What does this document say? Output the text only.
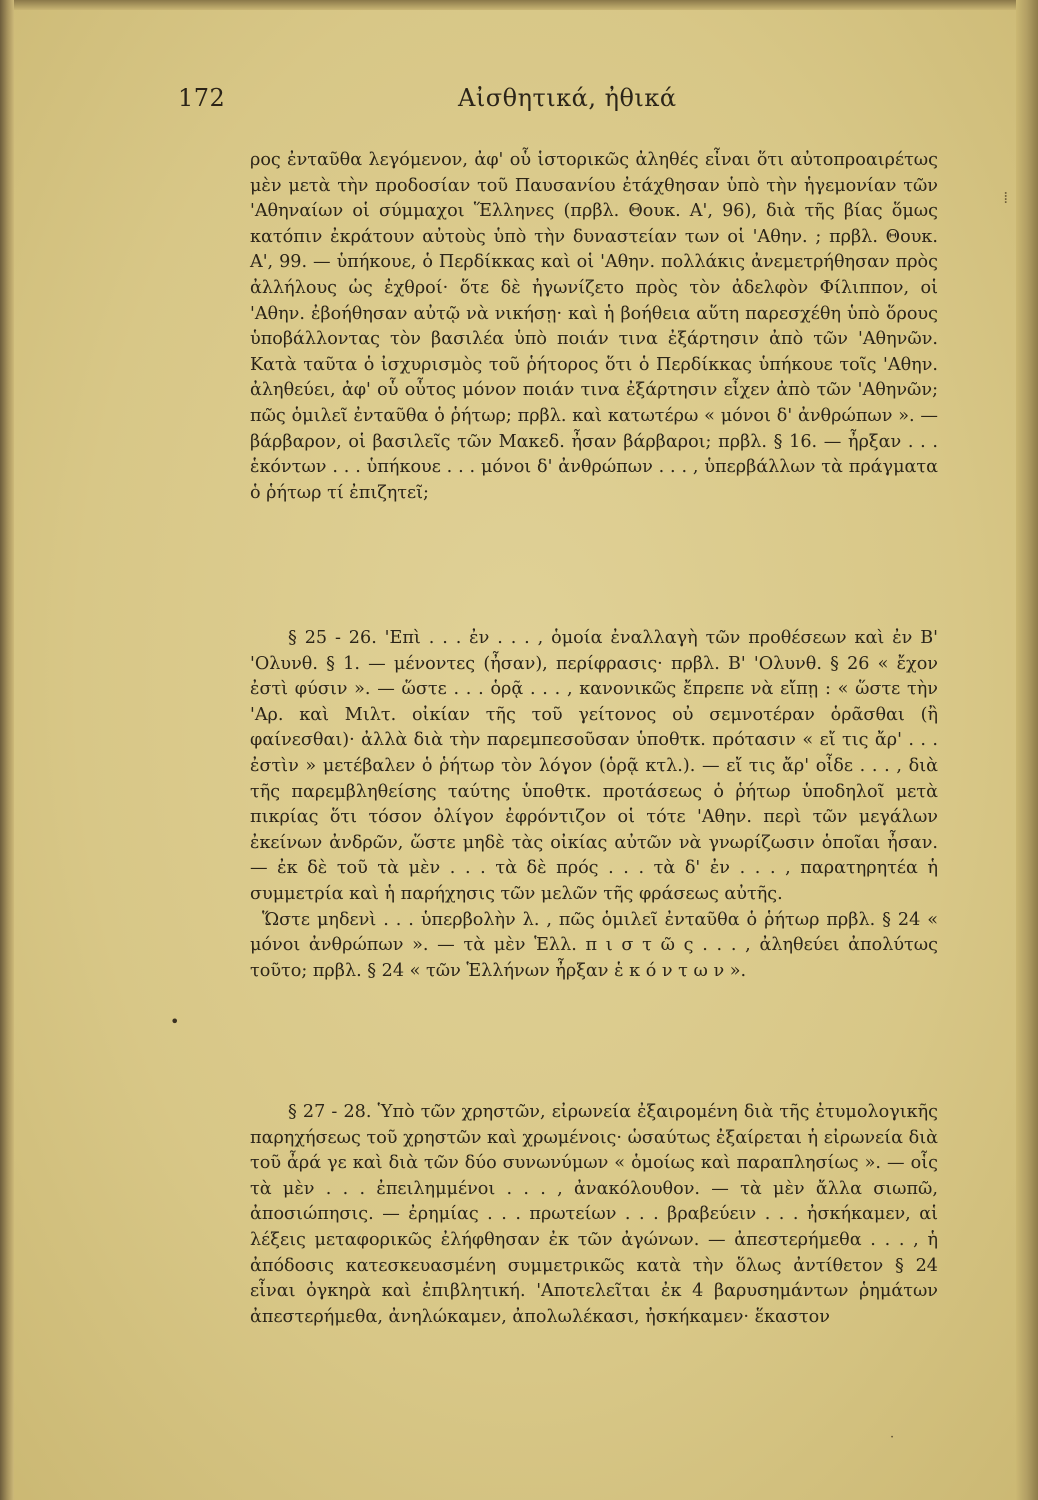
172	Αἰσθητικά, ἠθικά

ρος ἐνταῦθα λεγόμενον, ἀφ' οὗ ἱστορικῶς ἀληθές εἶναι ὅτι αὐτοπροαιρέτως μὲν μετὰ τὴν προδοσίαν τοῦ Παυσανίου ἐτάχθησαν ὑπὸ τὴν ἡγεμονίαν τῶν 'Αθηναίων οἱ σύμμαχοι Ἕλληνες (πρβλ. Θουκ. Α', 96), διὰ τῆς βίας ὅμως κατόπιν ἐκράτουν αὐτοὺς ὑπὸ τὴν δυναστείαν των οἱ 'Αθην. ; πρβλ. Θουκ. Α', 99. — ὑπήκουε, ὁ Περδίκκας καὶ οἱ 'Αθην. πολλάκις ἀνεμετρήθησαν πρὸς ἀλλήλους ὡς ἐχθροί· ὅτε δὲ ἠγωνίζετο πρὸς τὸν ἀδελφὸν Φίλιππον, οἱ 'Αθην. ἐβοήθησαν αὐτῷ νὰ νικήσῃ· καὶ ἡ βοήθεια αὕτη παρεσχέθη ὑπὸ ὅρους ὑποβάλλοντας τὸν βασιλέα ὑπὸ ποιάν τινα ἐξάρτησιν ἀπὸ τῶν 'Αθηνῶν. Κατὰ ταῦτα ὁ ἰσχυρισμὸς τοῦ ῥήτορος ὅτι ὁ Περδίκκας ὑπήκουε τοῖς 'Αθην. ἀληθεύει, ἀφ' οὗ οὗτος μόνον ποιάν τινα ἐξάρτησιν εἶχεν ἀπὸ τῶν 'Αθηνῶν; πῶς ὁμιλεῖ ἐνταῦθα ὁ ῥήτωρ; πρβλ. καὶ κατωτέρω « μόνοι δ' ἀνθρώπων ». — βάρβαρον, οἱ βασιλεῖς τῶν Μακεδ. ἦσαν βάρβαροι; πρβλ. § 16. — ἦρξαν . . . ἑκόντων . . . ὑπήκουε . . . μόνοι δ' ἀνθρώπων . . . , ὑπερβάλλων τὰ πράγματα ὁ ῥήτωρ τί ἐπιζητεῖ;

§ 25 - 26. 'Επὶ . . . ἐν . . . , ὁμοία ἐναλλαγὴ τῶν προθέσεων καὶ ἐν Β' 'Ολυνθ. § 1. — μένοντες (ἦσαν), περίφρασις· πρβλ. Β' 'Ολυνθ. § 26 « ἔχον ἐστὶ φύσιν ». — ὥστε . . . ὁρᾷ . . . , κανονικῶς ἔπρεπε νὰ εἴπῃ : « ὥστε τὴν 'Αρ. καὶ Μιλτ. οἰκίαν τῆς τοῦ γείτονος οὐ σεμνοτέραν ὁρᾶσθαι (ἢ φαίνεσθαι)· ἀλλὰ διὰ τὴν παρεμπεσοῦσαν ὑποθτκ. πρότασιν « εἴ τις ἄρ' . . . ἐστὶν » μετέβαλεν ὁ ῥήτωρ τὸν λόγον (ὁρᾷ κτλ.). — εἴ τις ἄρ' οἶδε . . . , διὰ τῆς παρεμβληθείσης ταύτης ὑποθτκ. προτάσεως ὁ ῥήτωρ ὑποδηλοῖ μετὰ πικρίας ὅτι τόσον ὀλίγον ἐφρόντιζον οἱ τότε 'Αθην. περὶ τῶν μεγάλων ἐκείνων ἀνδρῶν, ὥστε μηδὲ τὰς οἰκίας αὐτῶν νὰ γνωρίζωσιν ὁποῖαι ἦσαν. — ἐκ δὲ τοῦ τὰ μὲν . . . τὰ δὲ πρός . . . τὰ δ' ἐν . . . , παρατηρητέα ἡ συμμετρία καὶ ἡ παρήχησις τῶν μελῶν τῆς φράσεως αὐτῆς.

Ὥστε μηδενὶ . . . ὑπερβολὴν λ. , πῶς ὁμιλεῖ ἐνταῦθα ὁ ῥήτωρ πρβλ. § 24 « μόνοι ἀνθρώπων ». — τὰ μὲν Ἑλλ. π ι σ τ ῶ ς . . . , ἀληθεύει ἀπολύτως τοῦτο; πρβλ. § 24 « τῶν Ἑλλήνων ἦρξαν ἑ κ ό ν τ ω ν ».

§ 27 - 28. Ὑπὸ τῶν χρηστῶν, εἰρωνεία ἐξαιρομένη διὰ τῆς ἐτυμολογικῆς παρηχήσεως τοῦ χρηστῶν καὶ χρωμένοις· ὡσαύτως ἐξαίρεται ἡ εἰρωνεία διὰ τοῦ ἆρά γε καὶ διὰ τῶν δύο συνωνύμων « ὁμοίως καὶ παραπλησίως ». — οἷς τὰ μὲν . . . ἐπειλημμένοι . . . , ἀνακόλουθον. — τὰ μὲν ἄλλα σιωπῶ, ἀποσιώπησις. — ἐρημίας . . . πρωτείων . . . βραβεύειν . . . ἠσκήκαμεν, αἱ λέξεις μεταφορικῶς ἐλήφθησαν ἐκ τῶν ἀγώνων. — ἀπεστερήμεθα . . . , ἡ ἀπόδοσις κατεσκευασμένη συμμετρικῶς κατὰ τὴν ὅλως ἀντίθετον § 24 εἶναι ὀγκηρὰ καὶ ἐπιβλητική. 'Αποτελεῖται ἐκ 4 βαρυσημάντων ῥημάτων ἀπεστερήμεθα, ἀνηλώκαμεν, ἀπολωλέκασι, ἠσκήκαμεν· ἕκαστον

•
⁞
·
